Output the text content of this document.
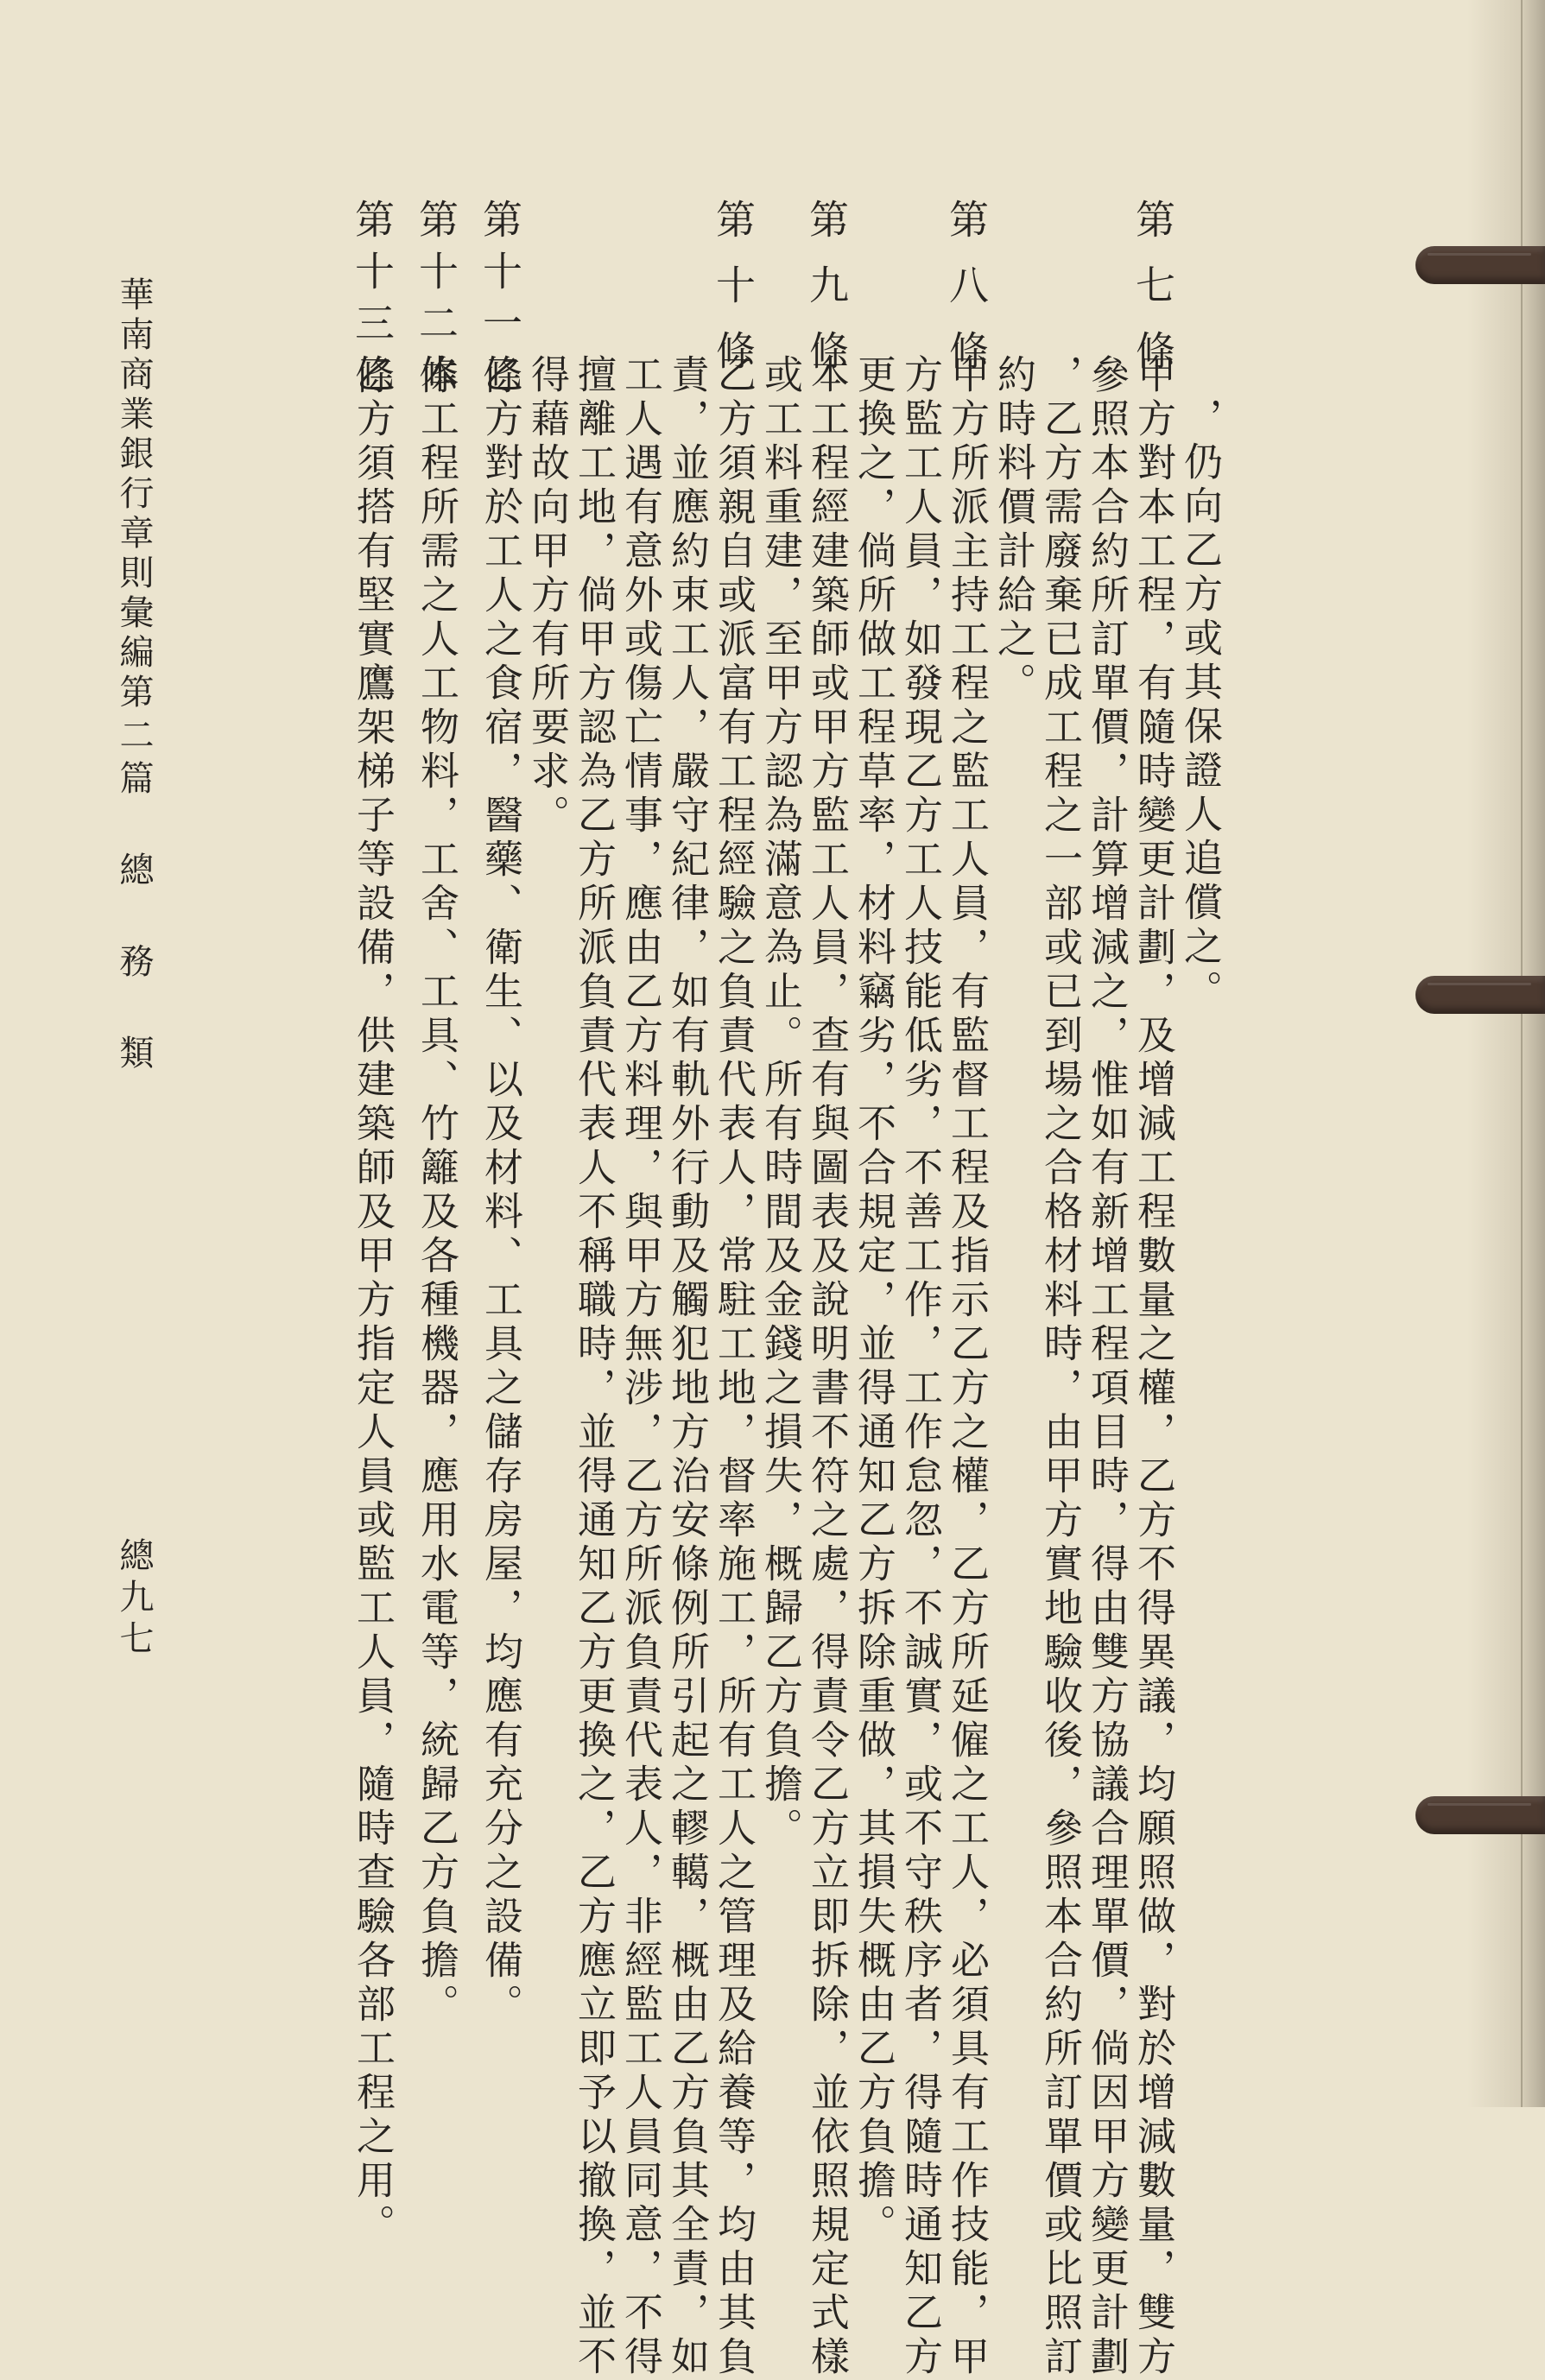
，仍向乙方或其保證人追償之。
第七條
甲方對本工程，有隨時變更計劃，及增減工程數量之權，乙方不得異議，均願照做，對於增減數量，雙方
參照本合約所訂單價，計算增減之，惟如有新增工程項目時，得由雙方協議合理單價，倘因甲方變更計劃
，乙方需廢棄已成工程之一部或已到場之合格材料時，由甲方實地驗收後，參照本合約所訂單價或比照訂
約時料價計給之。
第八條
甲方所派主持工程之監工人員，有監督工程及指示乙方之權，乙方所延僱之工人，必須具有工作技能，甲
方監工人員，如發現乙方工人技能低劣，不善工作，工作怠忽，不誠實，或不守秩序者，得隨時通知乙方
更換之，倘所做工程草率，材料竊劣，不合規定，並得通知乙方拆除重做，其損失概由乙方負擔。
第九條
本工程經建築師或甲方監工人員，查有與圖表及說明書不符之處，得責令乙方立即拆除，並依照規定式樣
或工料重建，至甲方認為滿意為止。所有時間及金錢之損失，概歸乙方負擔。
第十條
乙方須親自或派富有工程經驗之負責代表人，常駐工地，督率施工，所有工人之管理及給養等，均由其負
責，並應約束工人，嚴守紀律，如有軌外行動及觸犯地方治安條例所引起之轇轕，概由乙方負其全責，如
工人遇有意外或傷亡情事，應由乙方料理，與甲方無涉，乙方所派負責代表人，非經監工人員同意，不得
擅離工地，倘甲方認為乙方所派負責代表人不稱職時，並得通知乙方更換之，乙方應立即予以撤換，並不
得藉故向甲方有所要求。
第十一條
乙方對於工人之食宿，醫藥、衛生、以及材料、工具之儲存房屋，均應有充分之設備。
第十二條
本工程所需之人工物料，工舍、工具、竹籬及各種機器，應用水電等，統歸乙方負擔。
第十三條
乙方須搭有堅實鷹架梯子等設備，供建築師及甲方指定人員或監工人員，隨時查驗各部工程之用。
華南商業銀行章則彙編
第二篇 總 務 類
總九七
